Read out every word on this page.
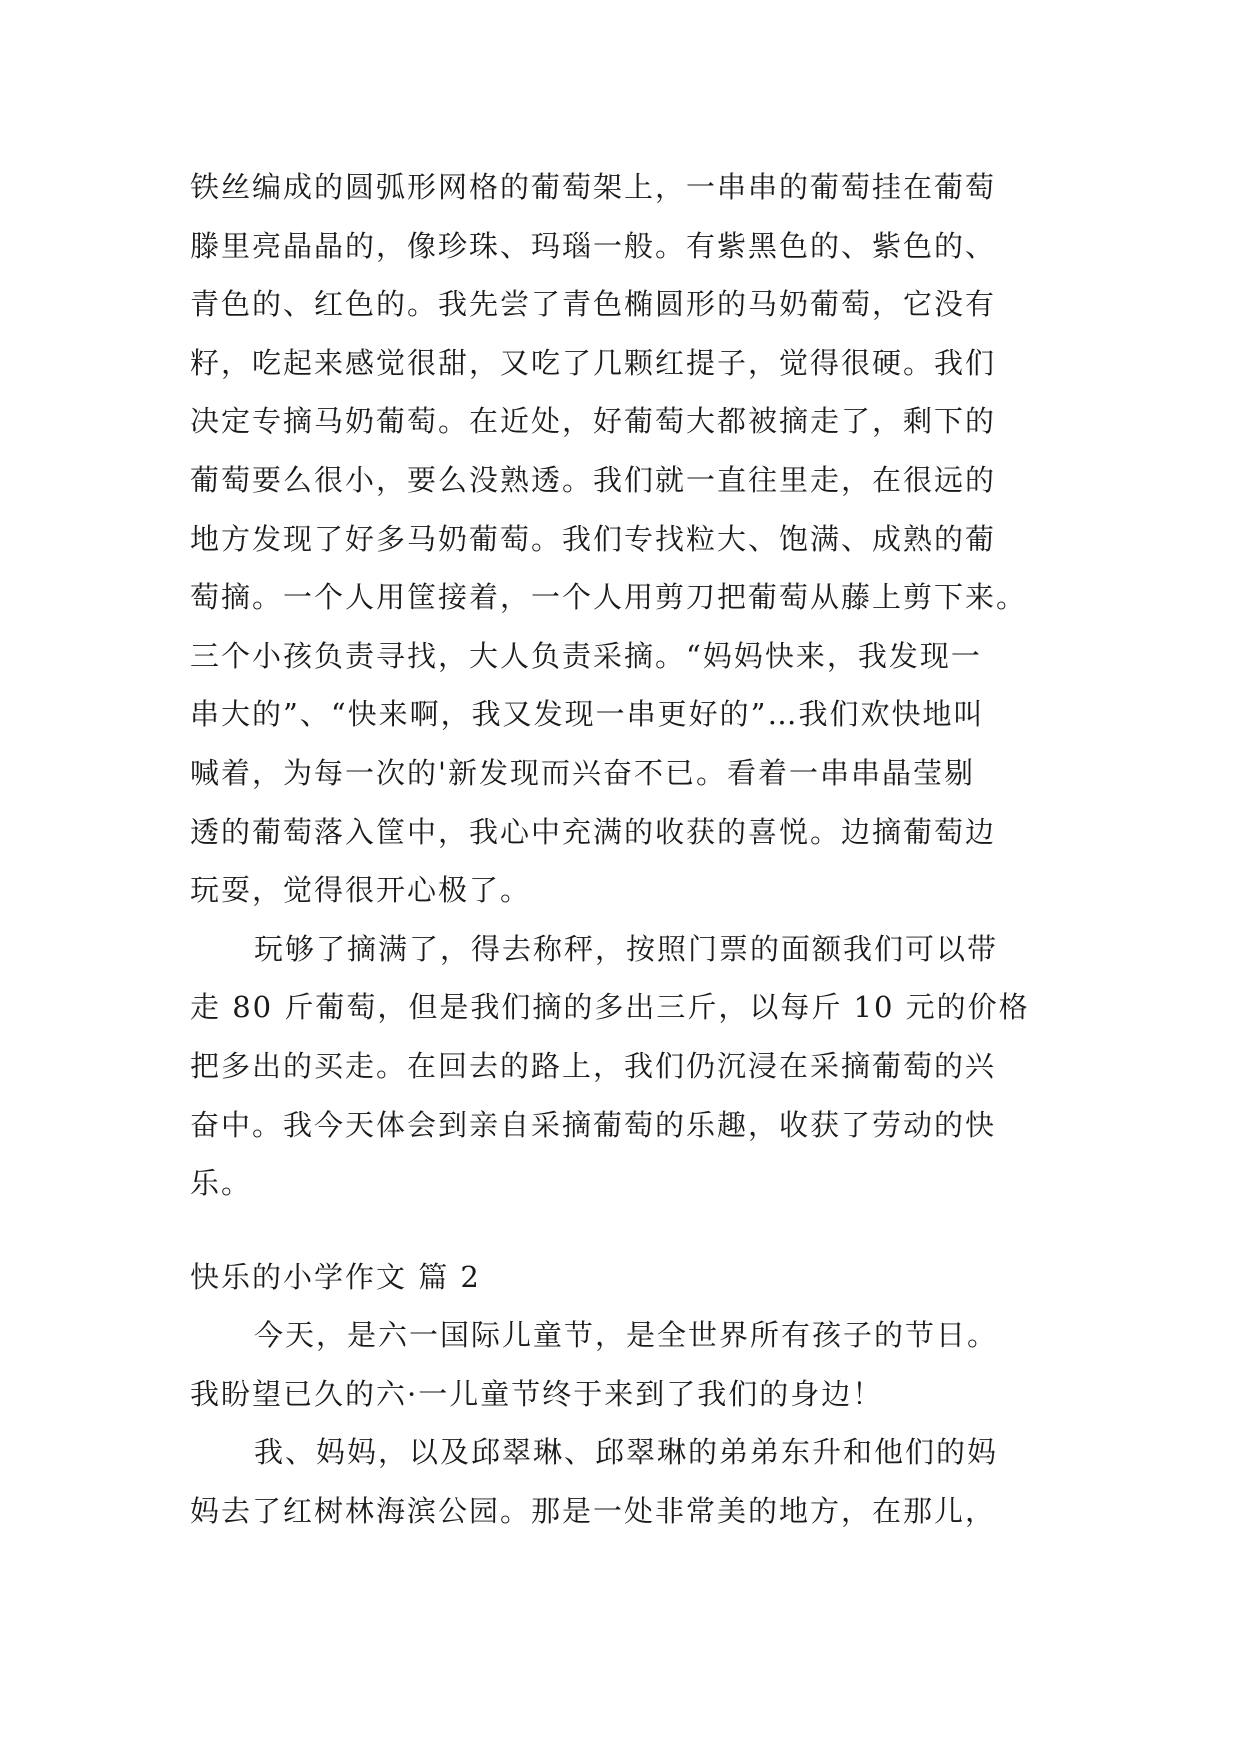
铁丝编成的圆弧形网格的葡萄架上，一串串的葡萄挂在葡萄
滕里亮晶晶的，像珍珠、玛瑙一般。有紫黑色的、紫色的、
青色的、红色的。我先尝了青色椭圆形的马奶葡萄，它没有
籽，吃起来感觉很甜，又吃了几颗红提子，觉得很硬。我们
决定专摘马奶葡萄。在近处，好葡萄大都被摘走了，剩下的
葡萄要么很小，要么没熟透。我们就一直往里走，在很远的
地方发现了好多马奶葡萄。我们专找粒大、饱满、成熟的葡
萄摘。一个人用筐接着，一个人用剪刀把葡萄从藤上剪下来。
三个小孩负责寻找，大人负责采摘。“妈妈快来，我发现一
串大的”、“快来啊，我又发现一串更好的”…我们欢快地叫
喊着，为每一次的'新发现而兴奋不已。看着一串串晶莹剔
透的葡萄落入筐中，我心中充满的收获的喜悦。边摘葡萄边
玩耍，觉得很开心极了。

玩够了摘满了，得去称秤，按照门票的面额我们可以带
走 80 斤葡萄，但是我们摘的多出三斤，以每斤 10 元的价格
把多出的买走。在回去的路上，我们仍沉浸在采摘葡萄的兴
奋中。我今天体会到亲自采摘葡萄的乐趣，收获了劳动的快
乐。

快乐的小学作文 篇 2

今天，是六一国际儿童节，是全世界所有孩子的节日。
我盼望已久的六·一儿童节终于来到了我们的身边！

我、妈妈，以及邱翠琳、邱翠琳的弟弟东升和他们的妈
妈去了红树林海滨公园。那是一处非常美的地方，在那儿，
